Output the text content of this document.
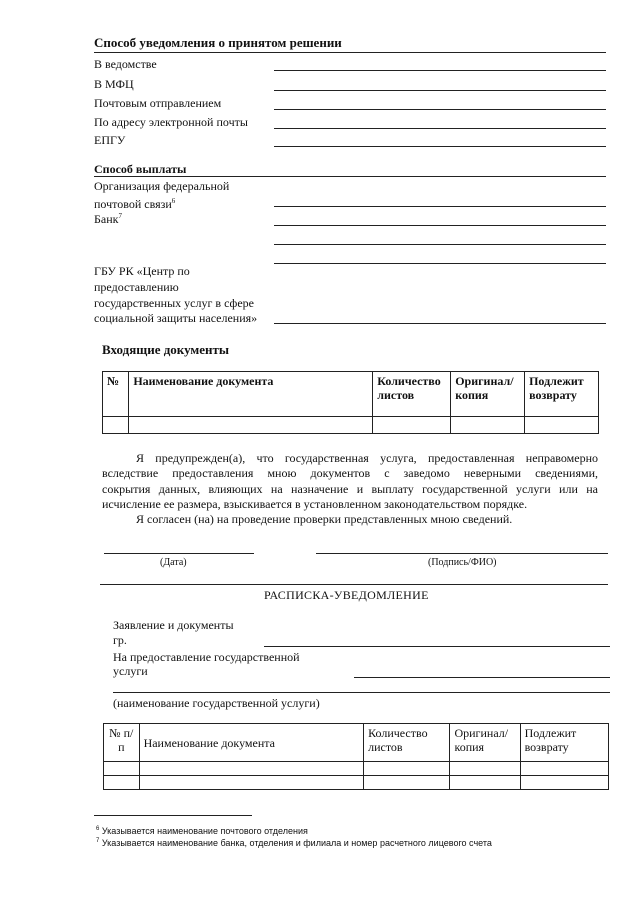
Способ уведомления о принятом решении
В ведомстве
В МФЦ
Почтовым отправлением
По адресу электронной почты
ЕПГУ
Способ выплаты
Организация федеральной
почтовой связи$^6$
Банк$^7$
ГБУ РК «Центр по
предоставлению
государственных услуг в сфере
социальной защиты населения»
Входящие документы
№	Наименование документа	Количество листов	Оригинал/ копия	Подлежит возврату

Я предупрежден(а), что государственная услуга, предоставленная неправомерно
вследствие предоставления мною документов с заведомо неверными сведениями,
сокрытия данных, влияющих на назначение и выплату государственной услуги или на
исчисление ее размера, взыскивается в установленном законодательством порядке.
Я согласен (на) на проведение проверки представленных мною сведений.
(Дата)	(Подпись/ФИО)
РАСПИСКА-УВЕДОМЛЕНИЕ
Заявление и документы
гр.
На предоставление государственной
услуги
(наименование государственной услуги)
№ п/п	Наименование документа	Количество листов	Оригинал/ копия	Подлежит возврату

$^6$ Указывается наименование почтового отделения
$^7$ Указывается наименование банка, отделения и филиала и номер расчетного лицевого счета
